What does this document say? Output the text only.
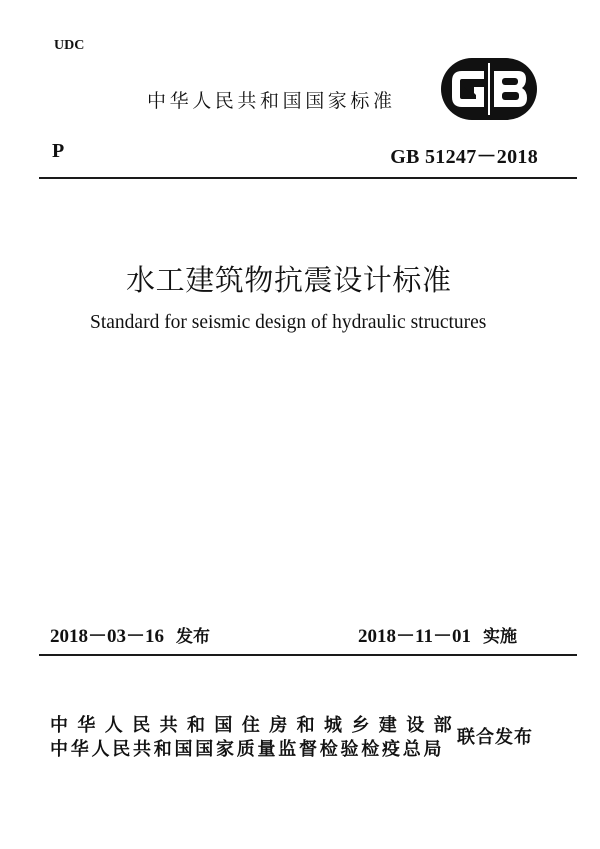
UDC
中华人民共和国国家标准
P	GB 51247－2018
水工建筑物抗震设计标准
Standard for seismic design of hydraulic structures
2018－03－16 发布	2018－11－01 实施
中华人民共和国住房和城乡建设部
中华人民共和国国家质量监督检验检疫总局
联合发布
